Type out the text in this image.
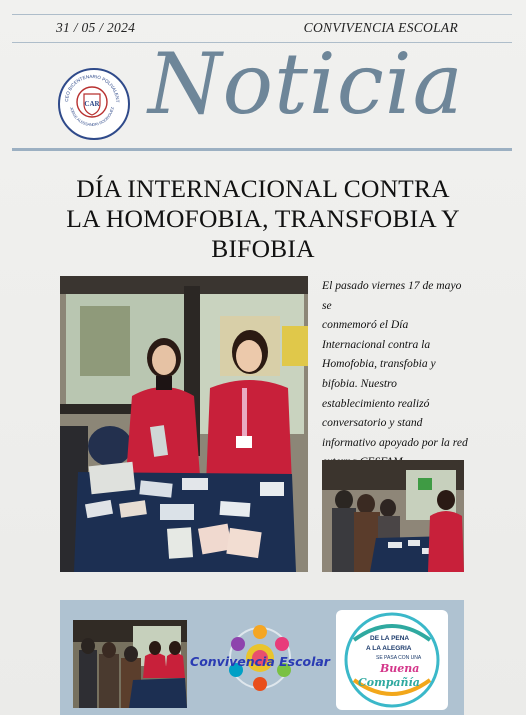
31 / 05 / 2024	CONVIVENCIA ESCOLAR
CEO BICENTENARIO POLIVALENT
JORGE ALESSANDRI RODRIGUEZ
CAR Noticia
DÍA INTERNACIONAL CONTRA
LA HOMOFOBIA, TRANSFOBIA Y
BIFOBIA
El pasado viernes 17 de mayo se
conmemoró el Día
Internacional contra la
Homofobia, transfobia y
bifobia. Nuestro
establecimiento realizó
conversatorio y stand
informativo apoyado por la red
Convivencia Escolar
DE LA PENA
A LA ALEGRIA
SE PASA CON UNA
Buena
Compañía
